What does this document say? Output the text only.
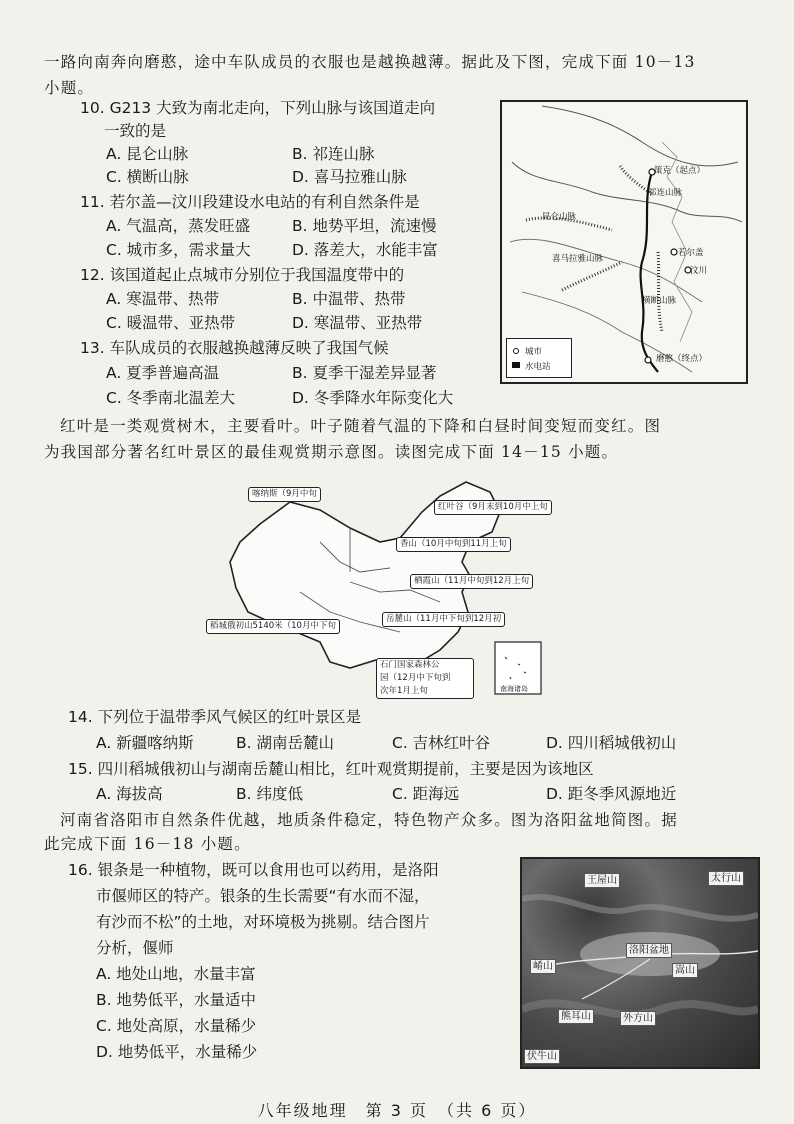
一路向南奔向磨憨，途中车队成员的衣服也是越换越薄。据此及下图，完成下面 10－13
小题。
10. G213 大致为南北走向，下列山脉与该国道走向
一致的是
A. 昆仑山脉	B. 祁连山脉
C. 横断山脉	D. 喜马拉雅山脉
11. 若尔盖—汶川段建设水电站的有利自然条件是
A. 气温高，蒸发旺盛	B. 地势平坦，流速慢
C. 城市多，需求量大	D. 落差大，水能丰富
12. 该国道起止点城市分别位于我国温度带中的
A. 寒温带、热带	B. 中温带、热带
C. 暖温带、亚热带	D. 寒温带、亚热带
13. 车队成员的衣服越换越薄反映了我国气候
A. 夏季普遍高温	B. 夏季干湿差异显著
C. 冬季南北温差大	D. 冬季降水年际变化大
策克（起点）
祁连山脉
昆仑山脉
喜马拉雅山脉
若尔盖
汶川
横断山脉
磨憨（终点）
城市
水电站
红叶是一类观赏树木，主要看叶。叶子随着气温的下降和白昼时间变短而变红。图
为我国部分著名红叶景区的最佳观赏期示意图。读图完成下面 14－15 小题。
喀纳斯（9月中旬
红叶谷（9月末到10月中上旬
香山（10月中旬到11月上旬
栖霞山（11月中旬到12月上旬
岳麓山（11月中下旬到12月初
稻城俄初山5140米（10月中下旬
石门国家森林公
园（12月中下旬到
次年1月上旬	南海诸岛
14. 下列位于温带季风气候区的红叶景区是
A. 新疆喀纳斯	B. 湖南岳麓山	C. 吉林红叶谷	D. 四川稻城俄初山
15. 四川稻城俄初山与湖南岳麓山相比，红叶观赏期提前，主要是因为该地区
A. 海拔高	B. 纬度低	C. 距海远	D. 距冬季风源地近
河南省洛阳市自然条件优越，地质条件稳定，特色物产众多。图为洛阳盆地简图。据
此完成下面 16－18 小题。
16. 银条是一种植物，既可以食用也可以药用，是洛阳
市偃师区的特产。银条的生长需要“有水而不湿，
有沙而不松”的土地，对环境极为挑剔。结合图片
分析，偃师
A. 地处山地，水量丰富
B. 地势低平，水量适中
C. 地处高原，水量稀少
D. 地势低平，水量稀少
王屋山	太行山
洛阳盆地
崤山	嵩山
熊耳山	外方山
伏牛山
八年级地理　第 3 页　（共 6 页）
